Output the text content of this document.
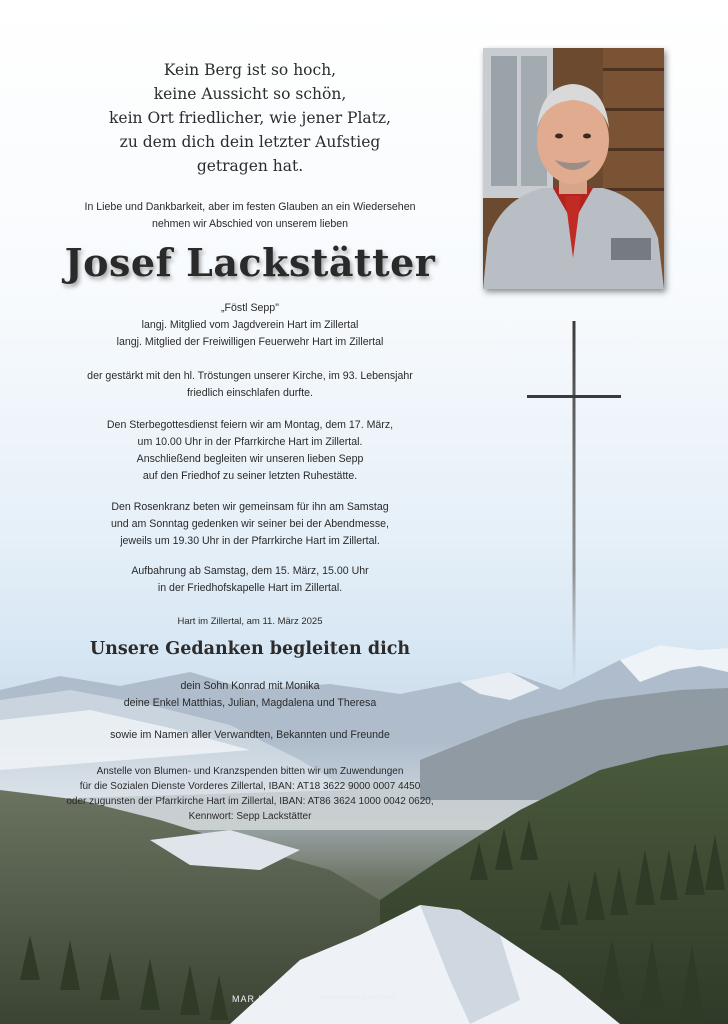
Kein Berg ist so hoch,
keine Aussicht so schön,
kein Ort friedlicher, wie jener Platz,
zu dem dich dein letzter Aufstieg
getragen hat.
In Liebe und Dankbarkeit, aber im festen Glauben an ein Wiedersehen
nehmen wir Abschied von unserem lieben
Josef Lackstätter
„Föstl Sepp"
langj. Mitglied vom Jagdverein Hart im Zillertal
langj. Mitglied der Freiwilligen Feuerwehr Hart im Zillertal
der gestärkt mit den hl. Tröstungen unserer Kirche, im 93. Lebensjahr
friedlich einschlafen durfte.
Den Sterbegottesdienst feiern wir am Montag, dem 17. März,
um 10.00 Uhr in der Pfarrkirche Hart im Zillertal.
Anschließend begleiten wir unseren lieben Sepp
auf den Friedhof zu seiner letzten Ruhestätte.
Den Rosenkranz beten wir gemeinsam für ihn am Samstag
und am Sonntag gedenken wir seiner bei der Abendmesse,
jeweils um 19.30 Uhr in der Pfarrkirche Hart im Zillertal.
Aufbahrung ab Samstag, dem 15. März, 15.00 Uhr
in der Friedhofskapelle Hart im Zillertal.
Hart im Zillertal, am 11. März 2025
Unsere Gedanken begleiten dich
dein Sohn Konrad mit Monika
deine Enkel Matthias, Julian, Magdalena und Theresa
sowie im Namen aller Verwandten, Bekannten und Freunde
Anstelle von Blumen- und Kranzspenden bitten wir um Zuwendungen
für die Sozialen Dienste Vorderes Zillertal, IBAN: AT18 3622 9000 0007 4450
oder zugunsten der Pfarrkirche Hart im Zillertal, IBAN: AT86 3624 1000 0042 0620,
Kennwort: Sepp Lackstätter
MAR LECHNER www.bestattung-lechner.at
